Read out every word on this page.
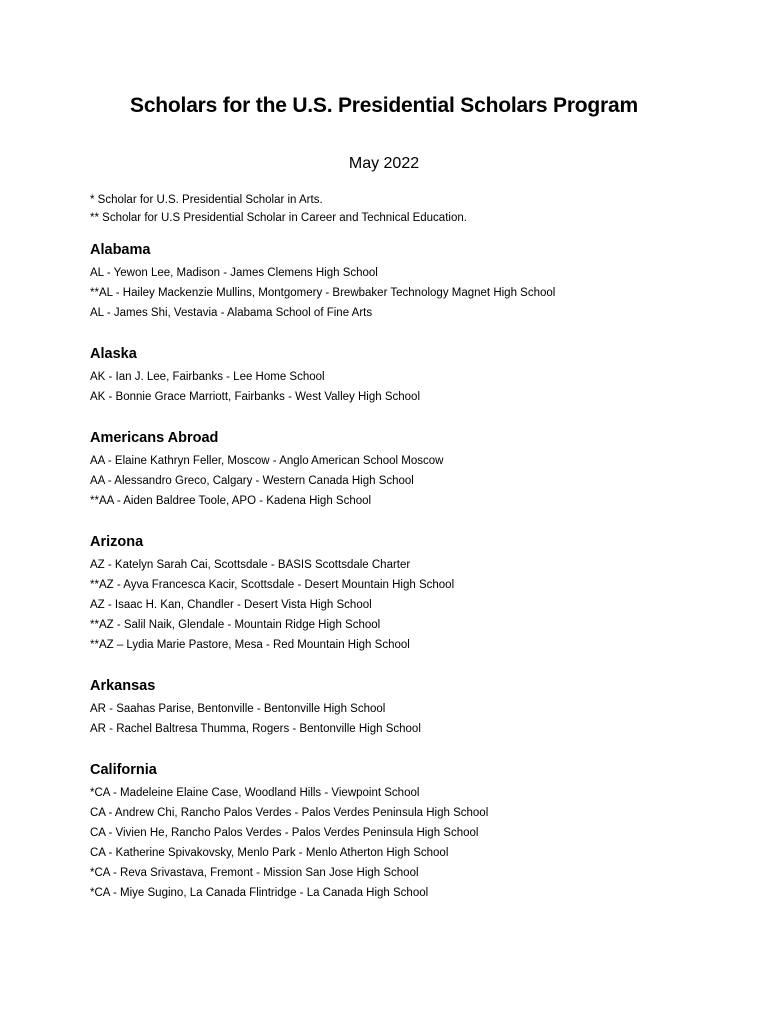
Scholars for the U.S. Presidential Scholars Program
May 2022
* Scholar for U.S. Presidential Scholar in Arts.
** Scholar for U.S Presidential Scholar in Career and Technical Education.
Alabama
AL - Yewon Lee, Madison - James Clemens High School
**AL - Hailey Mackenzie Mullins, Montgomery - Brewbaker Technology Magnet High School
AL - James Shi, Vestavia - Alabama School of Fine Arts
Alaska
AK - Ian J. Lee, Fairbanks - Lee Home School
AK - Bonnie Grace Marriott, Fairbanks - West Valley High School
Americans Abroad
AA - Elaine Kathryn Feller, Moscow - Anglo American School Moscow
AA - Alessandro Greco, Calgary - Western Canada High School
**AA - Aiden Baldree Toole, APO - Kadena High School
Arizona
AZ - Katelyn Sarah Cai, Scottsdale - BASIS Scottsdale Charter
**AZ - Ayva Francesca Kacir, Scottsdale - Desert Mountain High School
AZ - Isaac H. Kan, Chandler - Desert Vista High School
**AZ - Salil Naik, Glendale - Mountain Ridge High School
**AZ – Lydia Marie Pastore, Mesa - Red Mountain High School
Arkansas
AR - Saahas Parise, Bentonville - Bentonville High School
AR - Rachel Baltresa Thumma, Rogers - Bentonville High School
California
*CA - Madeleine Elaine Case, Woodland Hills - Viewpoint School
CA - Andrew Chi, Rancho Palos Verdes - Palos Verdes Peninsula High School
CA - Vivien He, Rancho Palos Verdes - Palos Verdes Peninsula High School
CA - Katherine Spivakovsky, Menlo Park - Menlo Atherton High School
*CA - Reva Srivastava, Fremont - Mission San Jose High School
*CA - Miye Sugino, La Canada Flintridge - La Canada High School
